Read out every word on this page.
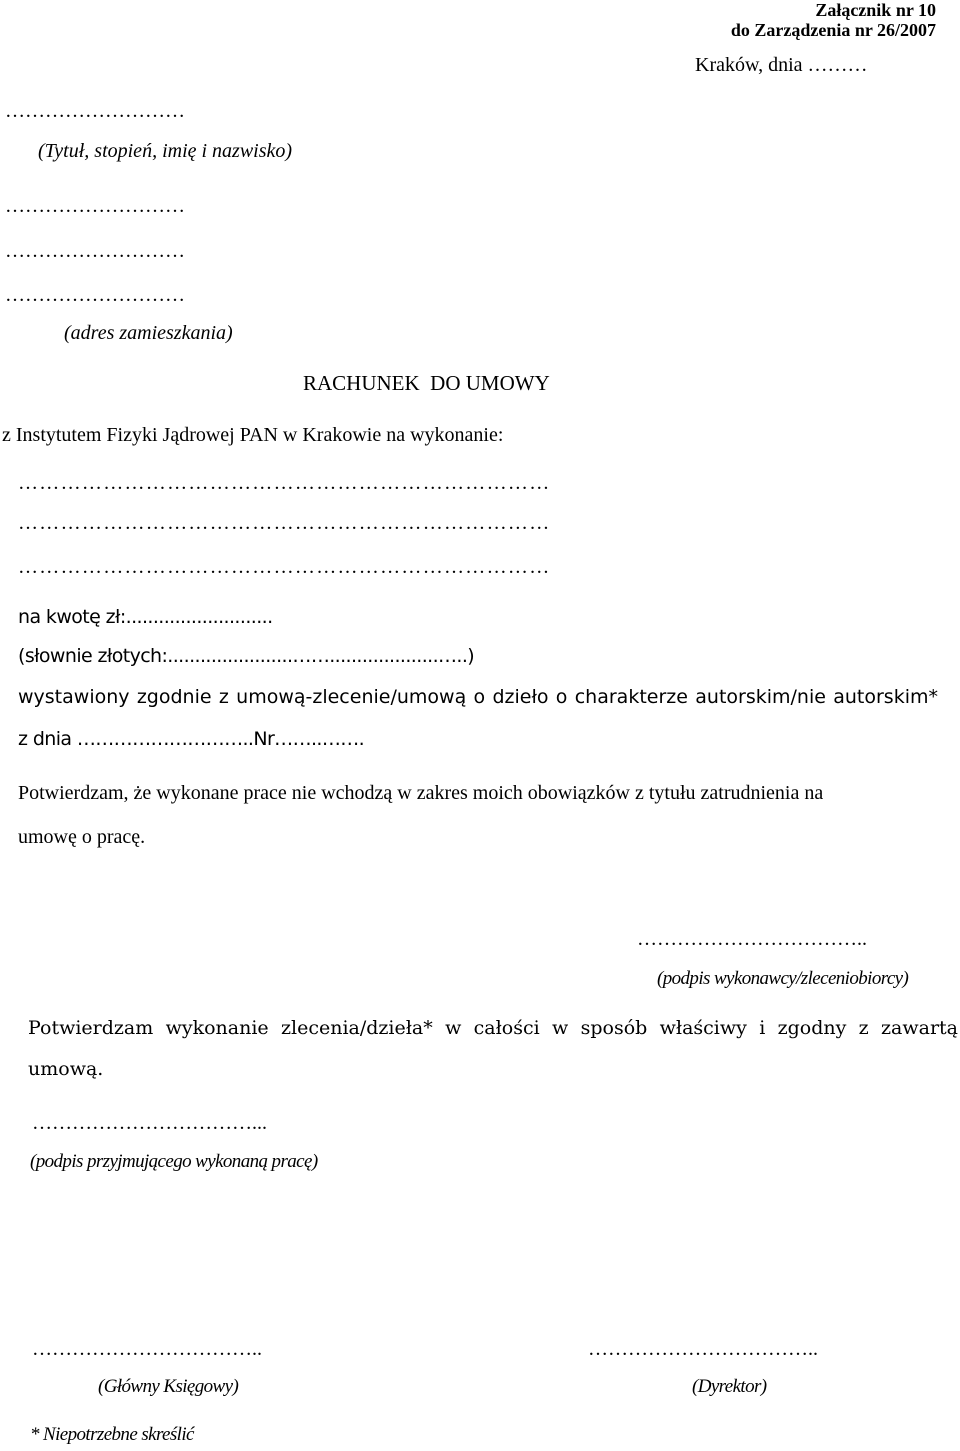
Załącznik nr 10
do Zarządzenia nr 26/2007
Kraków, dnia ………
………………………
(Tytuł, stopień, imię i nazwisko)
………………………
………………………
………………………
(adres zamieszkania)
RACHUNEK  DO UMOWY
z Instytutem Fizyki Jądrowej PAN w Krakowie na wykonanie:
…………………………………………………………………
…………………………………………………………………
…………………………………………………………………
na kwotę zł:...........................
(słownie złotych:.......................……....................…..)
wystawiony zgodnie z umową-zlecenie/umową o dzieło o charakterze autorskim/nie autorskim*
z dnia ………………………..Nr……..…….
Potwierdzam, że wykonane prace nie wchodzą w zakres moich obowiązków z tytułu zatrudnienia na
umowę o pracę.
……………………………..
(podpis wykonawcy/zleceniobiorcy)
Potwierdzam wykonanie zlecenia/dzieła* w całości w sposób właściwy i zgodny z zawartą
umową.
……………………………...
(podpis przyjmującego wykonaną pracę)
……………………………..
(Główny Księgowy)
……………………………..
(Dyrektor)
* Niepotrzebne skreślić
